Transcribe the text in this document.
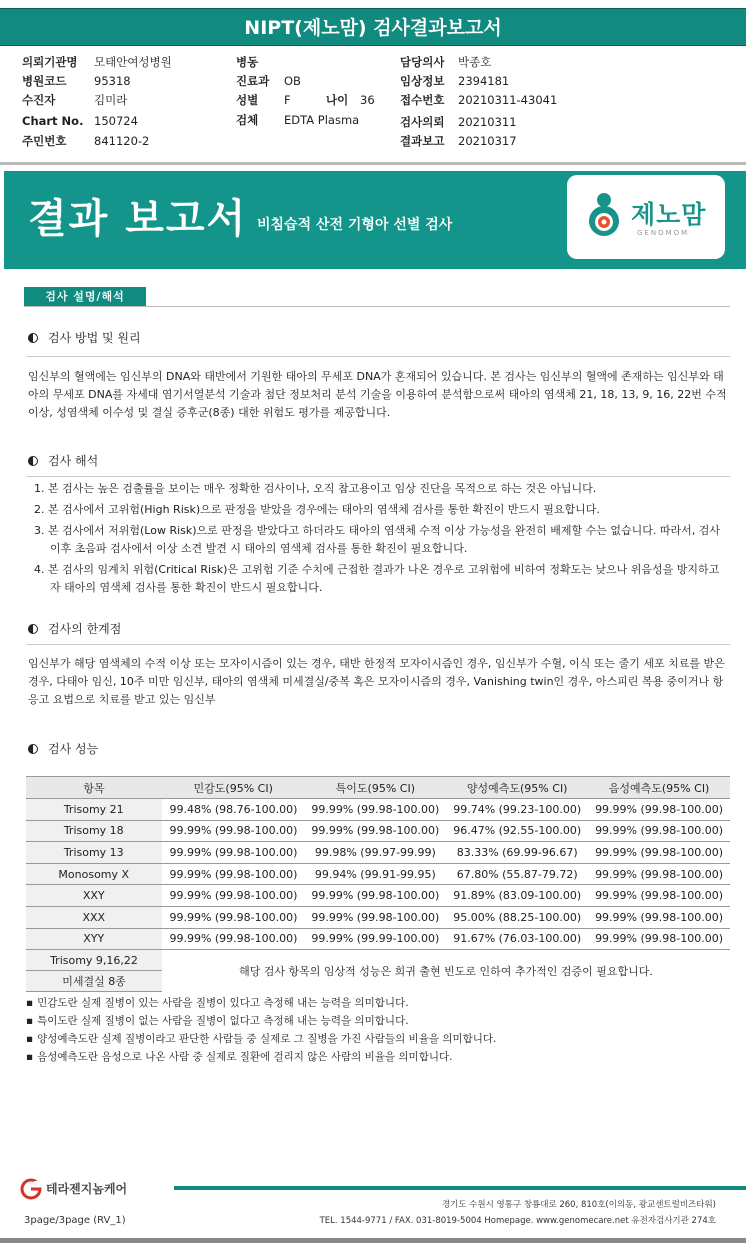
NIPT(제노맘) 검사결과보고서
의뢰기관명 모태안여성병원
병원코드 95318
수진자	김미라
Chart No. 150724
주민번호 841120-2
병동
진료과 OB
성별 F	나이 36
검체 EDTA Plasma
담당의사 박종호
임상정보 2394181
접수번호 20210311-43041
검사의뢰 20210311
결과보고 20210317
결과 보고서 비침습적 산전 기형아 선별 검사	제노맘
GENOMOM
검사 설명/해석
검사 방법 및 원리
임신부의 혈액에는 임신부의 DNA와 태반에서 기원한 태아의 무세포 DNA가 혼재되어 있습니다. 본 검사는 임신부의 혈액에 존재하는 임신부와 태아의 무세포 DNA를 자세대 염기서열분석 기술과 첨단 정보처리 분석 기술을 이용하여 분석함으로써 태아의 염색체 21, 18, 13, 9, 16, 22번 수적 이상, 성염색체 이수성 및 결실 증후군(8종) 대한 위험도 평가를 제공합니다.
검사 해석
1. 본 검사는 높은 검출률을 보이는 매우 정확한 검사이나, 오직 참고용이고 임상 진단을 목적으로 하는 것은 아닙니다.
2. 본 검사에서 고위험(High Risk)으로 판정을 받았을 경우에는 태아의 염색체 검사를 통한 확진이 반드시 필요합니다.
3. 본 검사에서 저위험(Low Risk)으로 판정을 받았다고 하더라도 태아의 염색체 수적 이상 가능성을 완전히 배제할 수는 없습니다. 따라서, 검사 이후 초음파 검사에서 이상 소견 발견 시 태아의 염색체 검사를 통한 확진이 필요합니다.
4. 본 검사의 임계치 위험(Critical Risk)은 고위험 기준 수치에 근접한 결과가 나온 경우로 고위험에 비하여 정확도는 낮으나 위음성을 방지하고자 태아의 염색체 검사를 통한 확진이 반드시 필요합니다.
검사의 한계점
임신부가 해당 염색체의 수적 이상 또는 모자이시즘이 있는 경우, 태반 한정적 모자이시즘인 경우, 임신부가 수혈, 이식 또는 줄기 세포 치료를 받은 경우, 다태아 임신, 10주 미만 임신부, 태아의 염색체 미세결실/중복 혹은 모자이시즘의 경우, Vanishing twin인 경우, 아스피린 복용 중이거나 항 응고 요법으로 치료를 받고 있는 임신부
검사 성능
항목	민감도(95% CI)	특이도(95% CI)	양성예측도(95% CI)	음성예측도(95% CI)
Trisomy 21	99.48% (98.76-100.00)	99.99% (99.98-100.00)	99.74% (99.23-100.00)	99.99% (99.98-100.00)
Trisomy 18	99.99% (99.98-100.00)	99.99% (99.98-100.00)	96.47% (92.55-100.00)	99.99% (99.98-100.00)
Trisomy 13	99.99% (99.98-100.00)	99.98% (99.97-99.99)	83.33% (69.99-96.67)	99.99% (99.98-100.00)
Monosomy X	99.99% (99.98-100.00)	99.94% (99.91-99.95)	67.80% (55.87-79.72)	99.99% (99.98-100.00)
XXY	99.99% (99.98-100.00)	99.99% (99.98-100.00)	91.89% (83.09-100.00)	99.99% (99.98-100.00)
XXX	99.99% (99.98-100.00)	99.99% (99.98-100.00)	95.00% (88.25-100.00)	99.99% (99.98-100.00)
XYY	99.99% (99.98-100.00)	99.99% (99.99-100.00)	91.67% (76.03-100.00)	99.99% (99.98-100.00)
Trisomy 9,16,22	해당 검사 항목의 임상적 성능은 희귀 출현 빈도로 인하여 추가적인 검증이 필요합니다.			
미세결실 8종				
▪ 민감도란 실제 질병이 있는 사람을 질병이 있다고 측정해 내는 능력을 의미합니다.
▪ 특이도란 실제 질병이 없는 사람을 질병이 없다고 측정해 내는 능력을 의미합니다.
▪ 양성예측도란 실제 질병이라고 판단한 사람들 중 실제로 그 질병을 가진 사람들의 비율을 의미합니다.
▪ 음성예측도란 음성으로 나온 사람 중 실제로 질환에 걸리지 않은 사람의 비율을 의미합니다.
테라젠지놈케어
경기도 수원시 영통구 창룡대로 260, 810호(이의동, 광교센트럴비즈타워)
TEL. 1544-9771 / FAX. 031-8019-5004 Homepage. www.genomecare.net 유전자검사기관 274호
3page/3page (RV_1)
